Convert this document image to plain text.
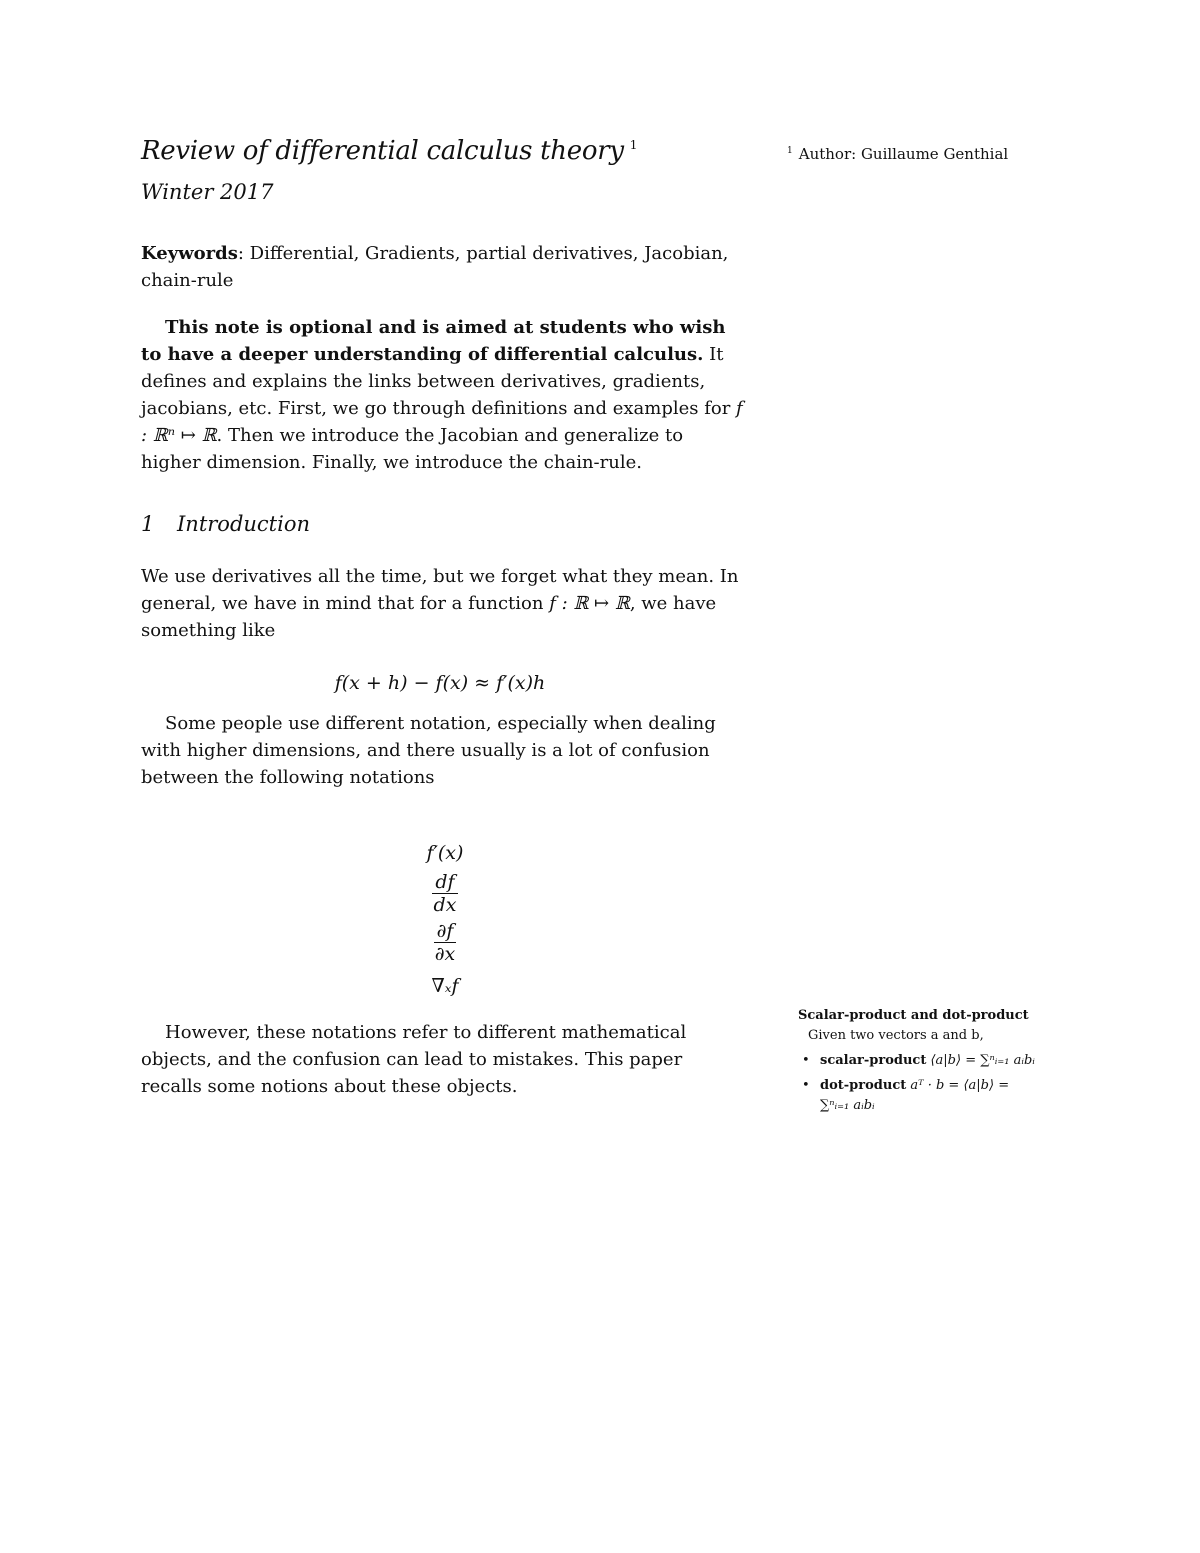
Review of differential calculus theory $^1$
Winter 2017
$^1$ Author: Guillaume Genthial
Keywords: Differential, Gradients, partial derivatives, Jacobian, chain-rule
This note is optional and is aimed at students who wish to have a deeper understanding of differential calculus. It defines and explains the links between derivatives, gradients, jacobians, etc. First, we go through definitions and examples for f : ℝⁿ ↦ ℝ. Then we introduce the Jacobian and generalize to higher dimension. Finally, we introduce the chain-rule.
1 Introduction
We use derivatives all the time, but we forget what they mean. In general, we have in mind that for a function f : ℝ ↦ ℝ, we have something like
f(x + h) − f(x) ≈ f′(x)h
Some people use different notation, especially when dealing with higher dimensions, and there usually is a lot of confusion between the following notations
f′(x)
$\frac{df}{dx}$
$\frac{\partial f}{\partial x}$
∇ₓf
However, these notations refer to different mathematical objects, and the confusion can lead to mistakes. This paper recalls some notions about these objects.
Scalar-product and dot-product
Given two vectors a and b,
• scalar-product ⟨a|b⟩ = ∑ⁿᵢ₌₁ aᵢbᵢ
• dot-product aᵀ · b = ⟨a|b⟩ = ∑ⁿᵢ₌₁ aᵢbᵢ
